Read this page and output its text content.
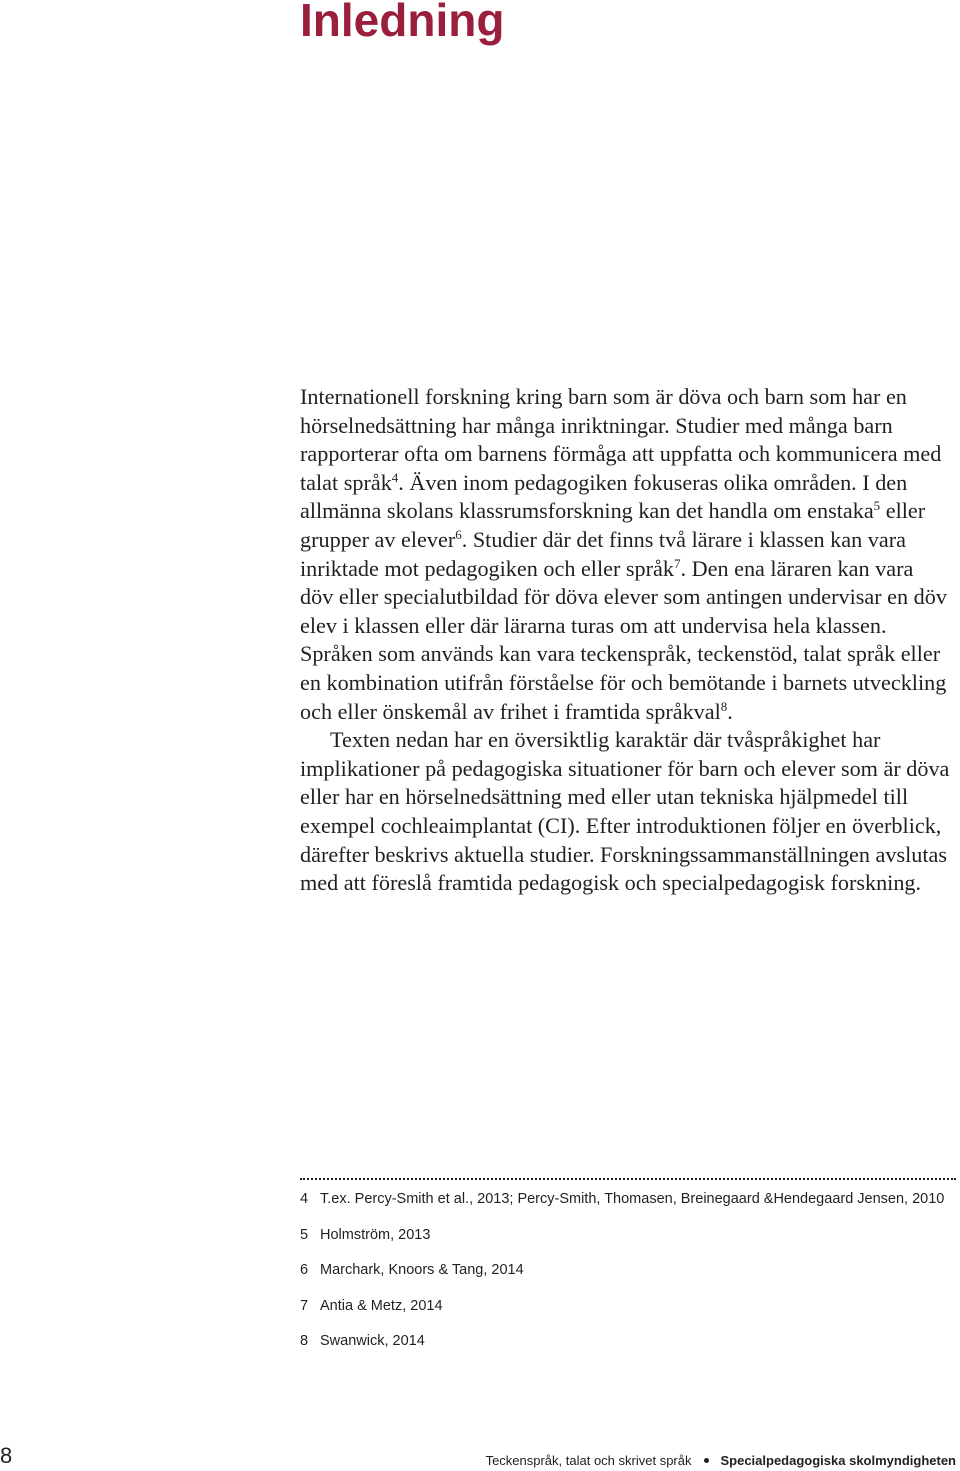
Inledning

Internationell forskning kring barn som är döva och barn som har en hörselnedsättning har många inriktningar. Studier med många barn rapporterar ofta om barnens förmåga att uppfatta och kommunicera med talat språk$^4$. Även inom pedagogiken fokuseras olika områden. I den allmänna skolans klassrumsforskning kan det handla om enstaka$^5$ eller grupper av elever$^6$. Studier där det finns två lärare i klassen kan vara inriktade mot pedagogiken och eller språk$^7$. Den ena läraren kan vara döv eller specialutbildad för döva elever som antingen undervisar en döv elev i klassen eller där lärarna turas om att undervisa hela klassen. Språken som används kan vara teckenspråk, teckenstöd, talat språk eller en kombination utifrån förståelse för och bemötande i barnets utveckling och eller önskemål av frihet i framtida språkval$^8$.

Texten nedan har en översiktlig karaktär där tvåspråkighet har implikationer på pedagogiska situationer för barn och elever som är döva eller har en hörselnedsättning med eller utan tekniska hjälpmedel till exempel cochleaimplantat (CI). Efter introduktionen följer en överblick, därefter beskrivs aktuella studier. Forskningssammanställningen avslutas med att föreslå framtida pedagogisk och specialpedagogisk forskning.

4 T.ex. Percy-Smith et al., 2013; Percy-Smith, Thomasen, Breinegaard &Hendegaard Jensen, 2010
5 Holmström, 2013
6 Marchark, Knoors & Tang, 2014
7 Antia & Metz, 2014
8 Swanwick, 2014
8	Teckenspråk, talat och skrivet språk Specialpedagogiska skolmyndigheten
